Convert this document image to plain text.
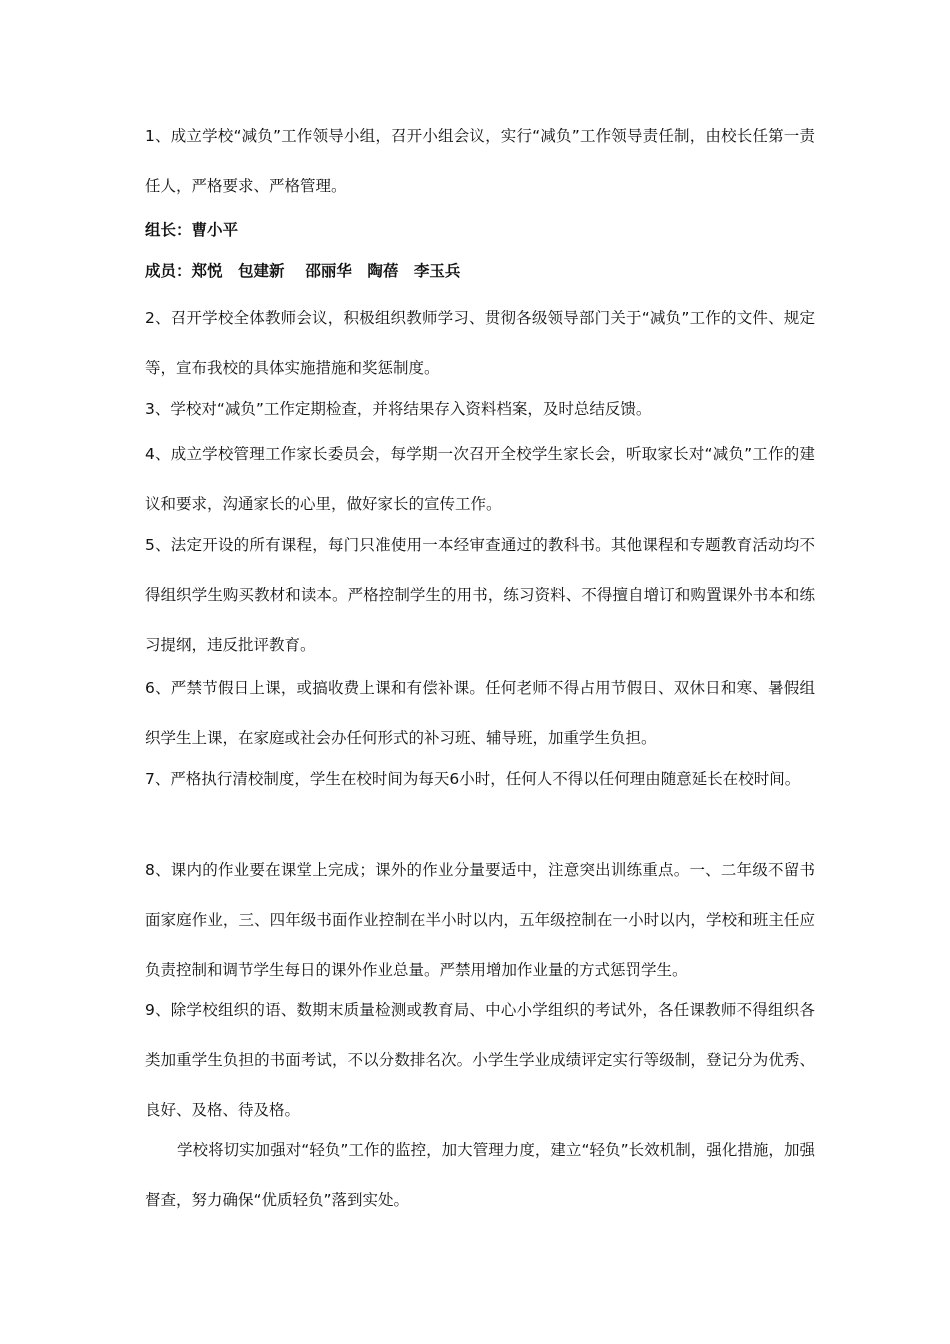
1、成立学校“减负”工作领导小组，召开小组会议，实行“减负”工作领导责任制，由校长任第一责任人，严格要求、严格管理。

组长：曹小平

成员：郑悦　包建新　 邵丽华　陶蓓　李玉兵

2、召开学校全体教师会议，积极组织教师学习、贯彻各级领导部门关于“减负”工作的文件、规定等，宣布我校的具体实施措施和奖惩制度。

3、学校对“减负”工作定期检查，并将结果存入资料档案，及时总结反馈。

4、成立学校管理工作家长委员会，每学期一次召开全校学生家长会，听取家长对“减负”工作的建议和要求，沟通家长的心里，做好家长的宣传工作。

5、法定开设的所有课程，每门只准使用一本经审查通过的教科书。其他课程和专题教育活动均不得组织学生购买教材和读本。严格控制学生的用书，练习资料、不得擅自增订和购置课外书本和练习提纲，违反批评教育。

6、严禁节假日上课，或搞收费上课和有偿补课。任何老师不得占用节假日、双休日和寒、暑假组织学生上课，在家庭或社会办任何形式的补习班、辅导班，加重学生负担。

7、严格执行清校制度，学生在校时间为每天6小时，任何人不得以任何理由随意延长在校时间。

8、课内的作业要在课堂上完成；课外的作业分量要适中，注意突出训练重点。一、二年级不留书面家庭作业，三、四年级书面作业控制在半小时以内，五年级控制在一小时以内，学校和班主任应负责控制和调节学生每日的课外作业总量。严禁用增加作业量的方式惩罚学生。

9、除学校组织的语、数期末质量检测或教育局、中心小学组织的考试外，各任课教师不得组织各类加重学生负担的书面考试，不以分数排名次。小学生学业成绩评定实行等级制，登记分为优秀、良好、及格、待及格。

学校将切实加强对“轻负”工作的监控，加大管理力度，建立“轻负”长效机制，强化措施，加强督查，努力确保“优质轻负”落到实处。
